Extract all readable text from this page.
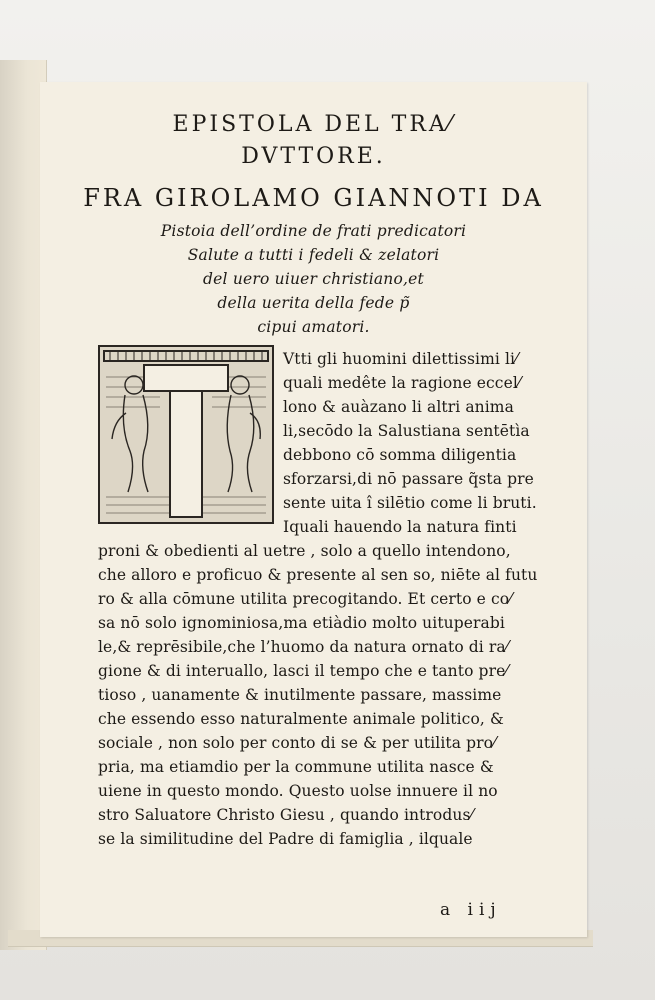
EPISTOLA DEL TRA⁄
DVTTORE.
FRA GIROLAMO GIANNOTI DA
Pistoia dell’ordine de frati predicatori
Salute a tutti i fedeli & zelatori
del uero uiuer christiano,et
della uerita della fede p̃
cipui amatori.
Vtti gli huomini dilettissimi li⁄
quali medête la ragione eccel⁄
lono & auàzano li altri anima
li,secōdo la Salustiana sentētìa
debbono cō somma diligentia
sforzarsi,di nō passare q̃sta pre
sente uita î silētio come li bruti.
Iquali hauendo la natura finti
proni & obedienti al uetre , solo a quello intendono,
che alloro e proficuo & presente al sen so, niēte al futu
ro & alla cōmune utilita precogitando. Et certo e co⁄
sa nō solo ignominiosa,ma etiàdio molto uituperabi
le,& reprēsibile,che l’huomo da natura ornato di ra⁄
gione & di interuallo, lasci il tempo che e tanto pre⁄
tioso , uanamente & inutilmente passare, massime
che essendo esso naturalmente animale politico, &
sociale , non solo per conto di se & per utilita pro⁄
pria, ma etiamdio per la commune utilita nasce &
uiene in questo mondo. Questo uolse innuere il no
stro Saluatore Christo Giesu , quando introdus⁄
se la similitudine del Padre di famiglia , ilquale
a iij
